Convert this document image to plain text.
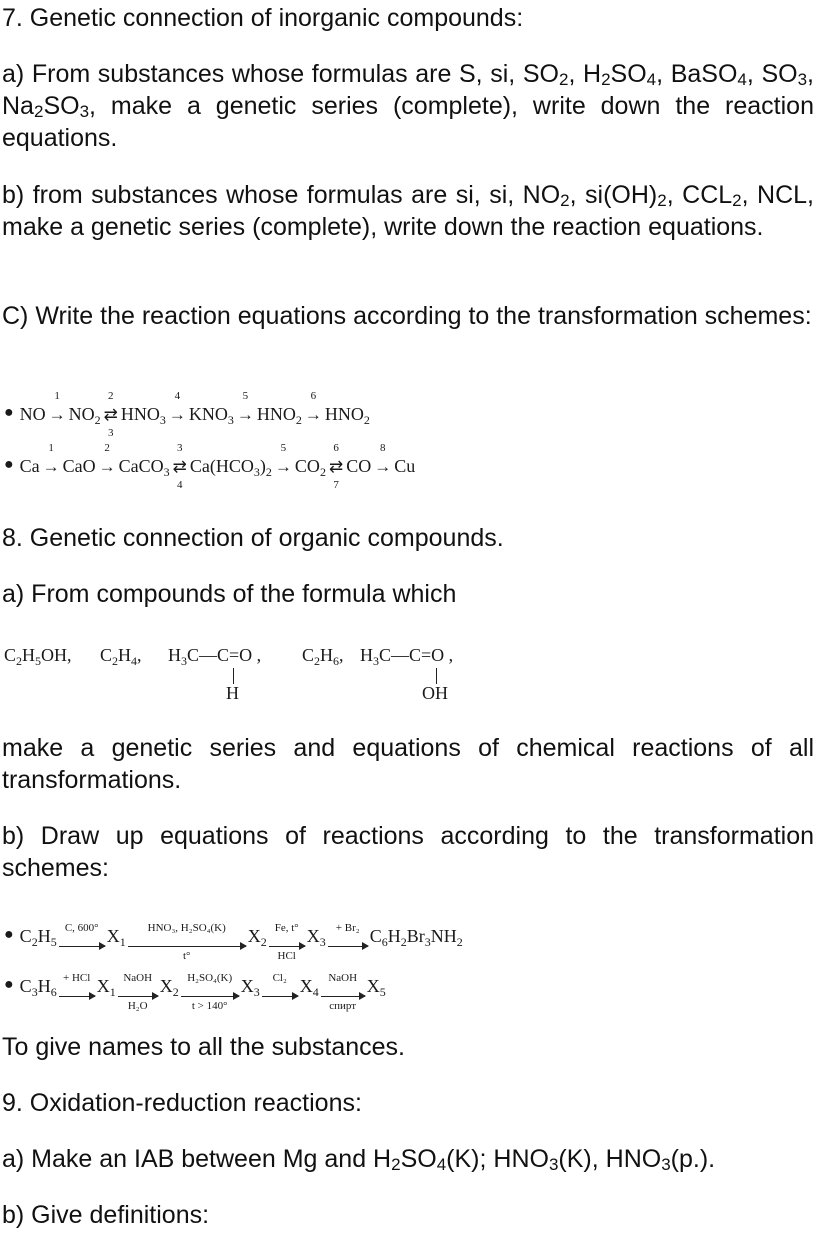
7. Genetic connection of inorganic compounds:

a) From substances whose formulas are S, si, $SO_2$, $H_2SO_4$, BaSO$_4$, $SO_3$, $Na_2SO_3$, make a genetic series (complete), write down the reaction equations.

b) from substances whose formulas are si, si, $NO_2$, $si(OH)_2$, $CCL_2$, NCL, make a genetic series (complete), write down the reaction equations.

C) Write the reaction equations according to the transformation schemes:

● NO
1
→ $NO_2$
2
⇄
3
$HNO_3$
4
→ $KNO_3$
5
→ $HNO_2$
6
→ $HNO_2$
● Ca
1
→ CaO
2
→ CaCO$_3$
3
⇄
4
$Ca(HCO_3)_2$
5
→ $CO_2$
6
⇄
7
CO
8
→ Cu

8. Genetic connection of organic compounds.

a) From compounds of the formula which

$C_2H_5OH$, $C_2H_4$, $H_3C—C=O$ ,
H
$C_2H_6$, $H_3C—C=O$ ,
OH

make a genetic series and equations of chemical reactions of all transformations.

b) Draw up equations of reactions according to the transformation schemes:

● $C_2H_5$
C, 600° $X_1$
HNO₃, H₂SO₄(K)
t°
$X_2$
Fe, t°
HCl
$X_3$
+ Br₂ $C_6H_2Br_3NH_2$
● $C_3H_6$
+ HCl $X_1$
NaOH
H₂O
$X_2$
H₂SO₄(K)
t > 140°
$X_3$
Cl₂ $X_4$
NaOH
спирт
$X_5$

To give names to all the substances.

9. Oxidation-reduction reactions:

a) Make an IAB between Mg and $H_2SO_4(K)$; $HNO_3(K)$, $HNO_3(p.)$.

b) Give definitions:
